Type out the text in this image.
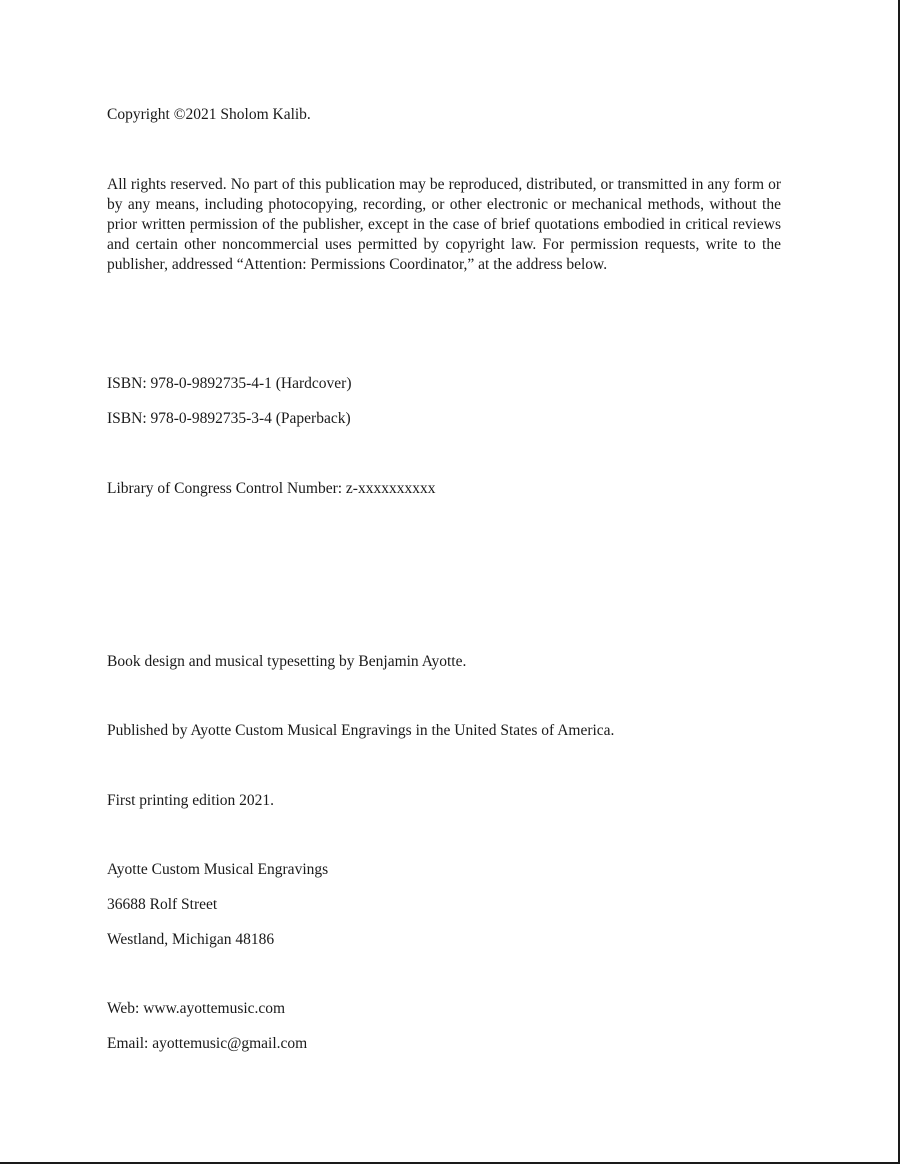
Copyright ©2021 Sholom Kalib.

All rights reserved. No part of this publication may be reproduced, distributed, or transmitted in any form or by any means, including photocopying, recording, or other electronic or mechanical methods, without the prior written permission of the publisher, except in the case of brief quotations embodied in critical reviews and certain other noncommercial uses permitted by copyright law. For permission requests, write to the publisher, addressed “Attention: Permissions Coordinator,” at the address below.

ISBN: 978-0-9892735-4-1 (Hardcover)

ISBN: 978-0-9892735-3-4 (Paperback)

Library of Congress Control Number: z-xxxxxxxxxx

Book design and musical typesetting by Benjamin Ayotte.

Published by Ayotte Custom Musical Engravings in the United States of America.

First printing edition 2021.

Ayotte Custom Musical Engravings

36688 Rolf Street

Westland, Michigan 48186

Web: www.ayottemusic.com

Email: ayottemusic@gmail.com
